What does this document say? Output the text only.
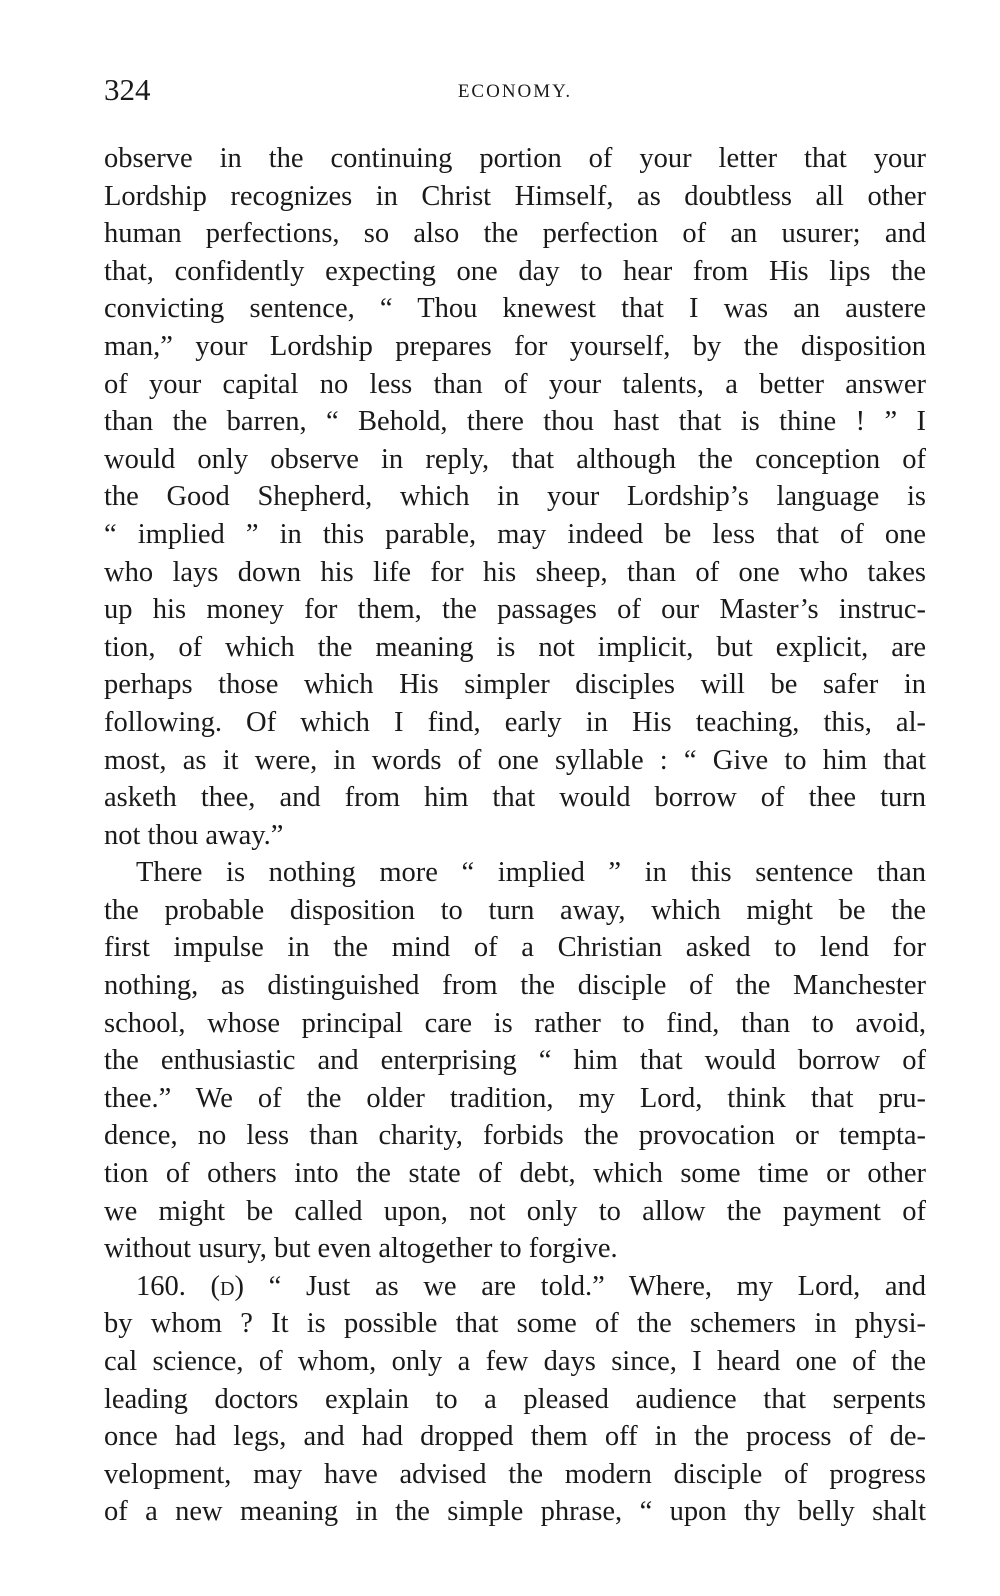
324	ECONOMY.
observe in the continuing portion of your letter that your
Lordship recognizes in Christ Himself, as doubtless all other
human perfections, so also the perfection of an usurer; and
that, confidently expecting one day to hear from His lips the
convicting sentence, “ Thou knewest that I was an austere
man,” your Lordship prepares for yourself, by the disposition
of your capital no less than of your talents, a better answer
than the barren, “ Behold, there thou hast that is thine ! ” I
would only observe in reply, that although the conception of
the Good Shepherd, which in your Lordship’s language is
“ implied ” in this parable, may indeed be less that of one
who lays down his life for his sheep, than of one who takes
up his money for them, the passages of our Master’s instruc-
tion, of which the meaning is not implicit, but explicit, are
perhaps those which His simpler disciples will be safer in
following. Of which I find, early in His teaching, this, al-
most, as it were, in words of one syllable : “ Give to him that
asketh thee, and from him that would borrow of thee turn
not thou away.”
There is nothing more “ implied ” in this sentence than
the probable disposition to turn away, which might be the
first impulse in the mind of a Christian asked to lend for
nothing, as distinguished from the disciple of the Manchester
school, whose principal care is rather to find, than to avoid,
the enthusiastic and enterprising “ him that would borrow of
thee.” We of the older tradition, my Lord, think that pru-
dence, no less than charity, forbids the provocation or tempta-
tion of others into the state of debt, which some time or other
we might be called upon, not only to allow the payment of
without usury, but even altogether to forgive.
160. (d) “ Just as we are told.” Where, my Lord, and
by whom ? It is possible that some of the schemers in physi-
cal science, of whom, only a few days since, I heard one of the
leading doctors explain to a pleased audience that serpents
once had legs, and had dropped them off in the process of de-
velopment, may have advised the modern disciple of progress
of a new meaning in the simple phrase, “ upon thy belly shalt
